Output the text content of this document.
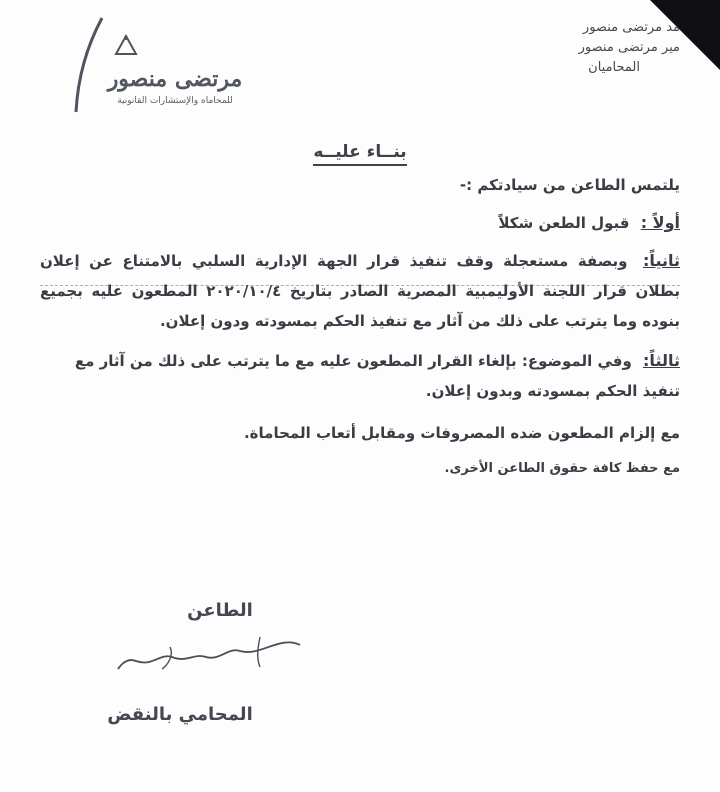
مد مرتضى منصور
مير مرتضى منصور
المحاميان
مرتضى منصور
للمحاماه والإستشارات القانونية
بنــاء عليــه

يلتمس الطاعن من سيادتكم :-

أولاً : قبول الطعن شكلاً

ثانياً: وبصفة مستعجلة وقف تنفيذ قرار الجهة الإدارية السلبي بالامتناع عن إعلان بطلان قرار اللجنة الأوليمبية المصرية الصادر بتاريخ ٢٠٢٠/١٠/٤ المطعون عليه بجميع بنوده وما يترتب على ذلك من آثار مع تنفيذ الحكم بمسودته ودون إعلان.

ثالثاً: وفي الموضوع: بإلغاء القرار المطعون عليه مع ما يترتب على ذلك من آثار مع تنفيذ الحكم بمسودته وبدون إعلان.

مع إلزام المطعون ضده المصروفات ومقابل أتعاب المحاماة.

مع حفظ كافة حقوق الطاعن الأخرى.

الطاعن
المحامي بالنقض
